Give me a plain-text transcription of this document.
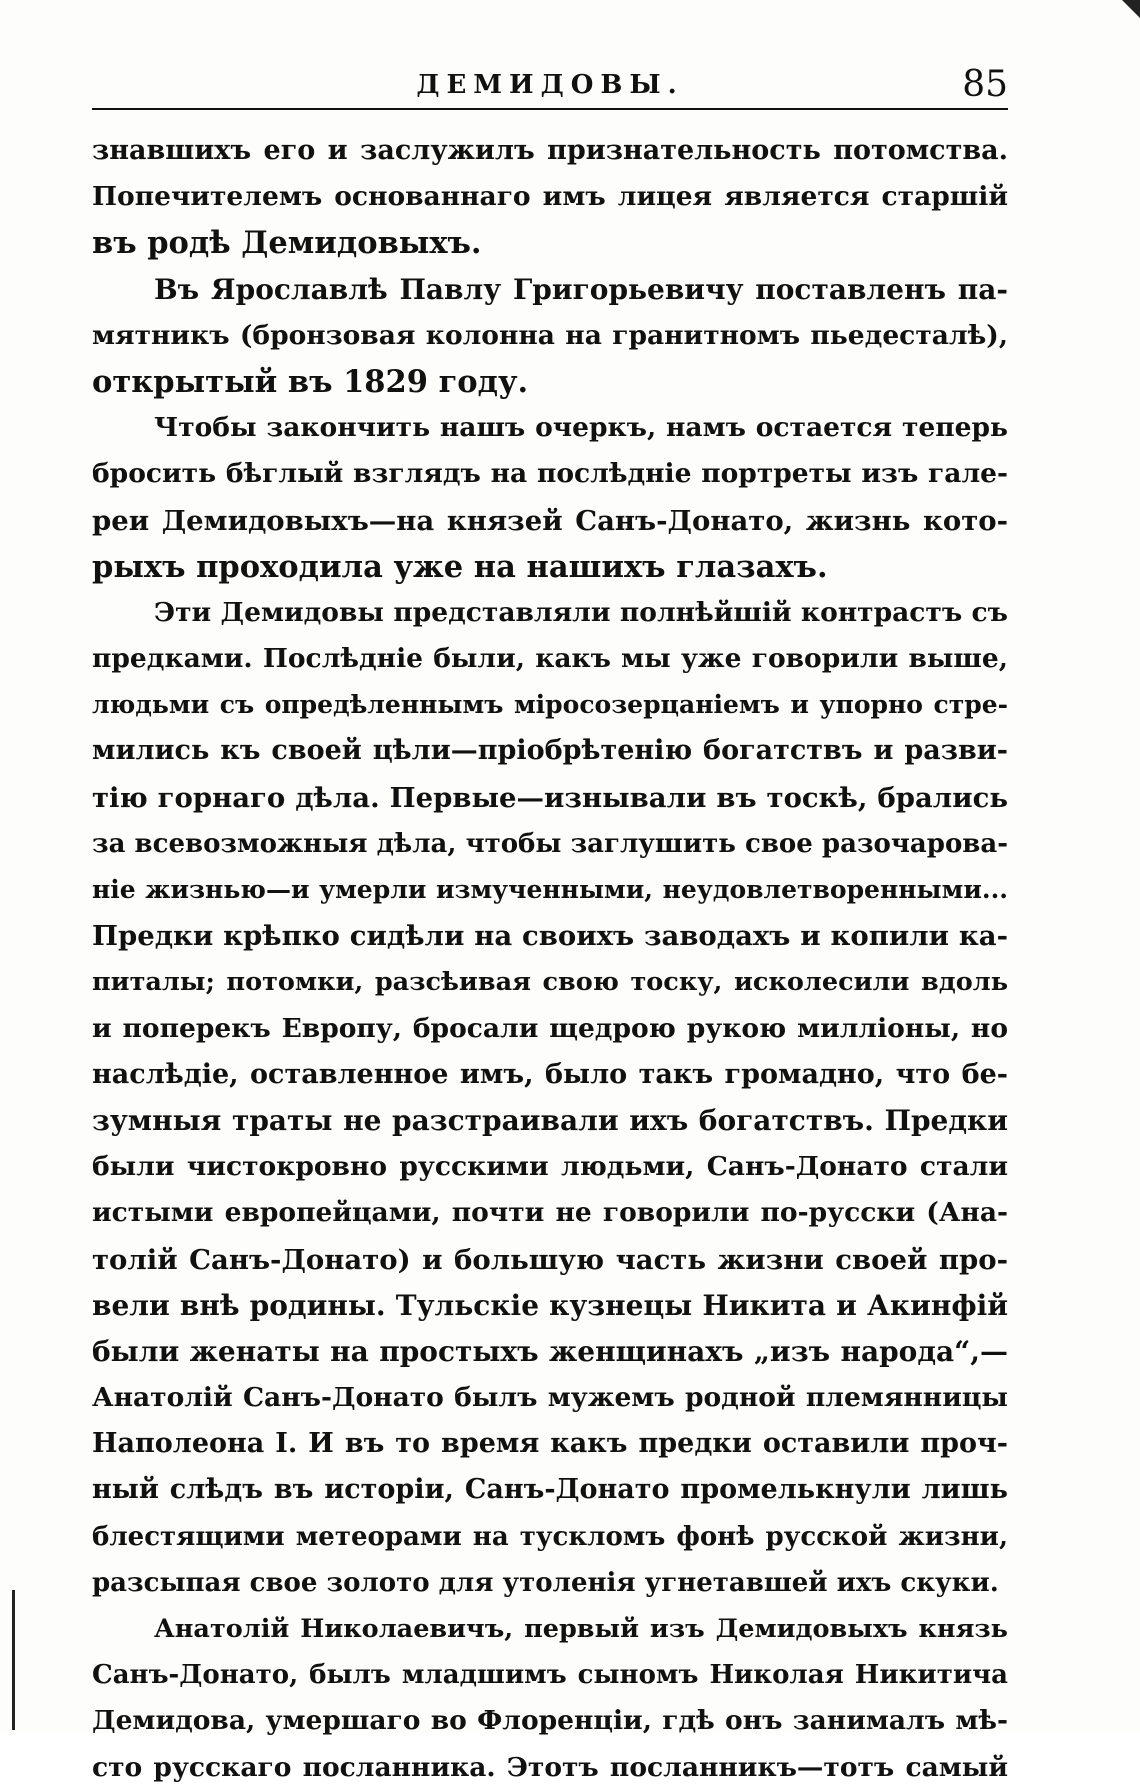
ДЕМИДОВЫ.	85
знавшихъ его и заслужилъ признательность потомства.
Попечителемъ основаннаго имъ лицея является старшій
въ родѣ Демидовыхъ.
Въ Ярославлѣ Павлу Григорьевичу поставленъ па-
мятникъ (бронзовая колонна на гранитномъ пьедесталѣ),
открытый въ 1829 году.
Чтобы закончить нашъ очеркъ, намъ остается теперь
бросить бѣглый взглядъ на послѣдніе портреты изъ гале-
реи Демидовыхъ—на князей Санъ-Донато, жизнь кото-
рыхъ проходила уже на нашихъ глазахъ.
Эти Демидовы представляли полнѣйшій контрастъ съ
предками. Послѣдніе были, какъ мы уже говорили выше,
людьми съ опредѣленнымъ міросозерцаніемъ и упорно стре-
мились къ своей цѣли—пріобрѣтенію богатствъ и разви-
тію горнаго дѣла. Первые—изнывали въ тоскѣ, брались
за всевозможныя дѣла, чтобы заглушить свое разочарова-
ніе жизнью—и умерли измученными, неудовлетворенными...
Предки крѣпко сидѣли на своихъ заводахъ и копили ка-
питалы; потомки, разсѣивая свою тоску, исколесили вдоль
и поперекъ Европу, бросали щедрою рукою милліоны, но
наслѣдіе, оставленное имъ, было такъ громадно, что бе-
зумныя траты не разстраивали ихъ богатствъ. Предки
были чистокровно русскими людьми, Санъ-Донато стали
истыми европейцами, почти не говорили по-русски (Ана-
толій Санъ-Донато) и большую часть жизни своей про-
вели внѣ родины. Тульскіе кузнецы Никита и Акинфій
были женаты на простыхъ женщинахъ „изъ народа“,—
Анатолій Санъ-Донато былъ мужемъ родной племянницы
Наполеона I. И въ то время какъ предки оставили проч-
ный слѣдъ въ исторіи, Санъ-Донато промелькнули лишь
блестящими метеорами на тускломъ фонѣ русской жизни,
разсыпая свое золото для утоленія угнетавшей ихъ скуки.
Анатолій Николаевичъ, первый изъ Демидовыхъ князь
Санъ-Донато, былъ младшимъ сыномъ Николая Никитича
Демидова, умершаго во Флоренціи, гдѣ онъ занималъ мѣ-
сто русскаго посланника. Этотъ посланникъ—тотъ самый
